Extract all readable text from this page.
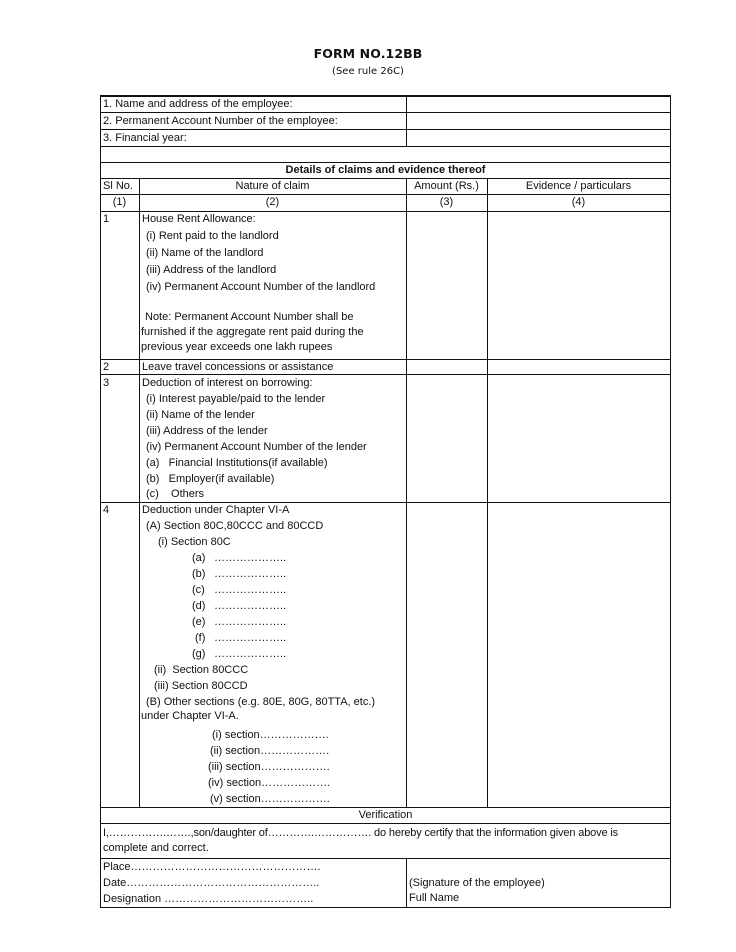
FORM NO.12BB
(See rule 26C)
1. Name and address of the employee:
2. Permanent Account Number of the employee:
3. Financial year:
Details of claims and evidence thereof
Sl No.	Nature of claim	Amount (Rs.)	Evidence / particulars
(1)	(2)	(3)	(4)
1	House Rent Allowance:
(i) Rent paid to the landlord
(ii) Name of the landlord
(iii) Address of the landlord
(iv) Permanent Account Number of the landlord
Note: Permanent Account Number shall be
furnished if the aggregate rent paid during the
previous year exceeds one lakh rupees
2	Leave travel concessions or assistance
3	Deduction of interest on borrowing:
(i) Interest payable/paid to the lender
(ii) Name of the lender
(iii) Address of the lender
(iv) Permanent Account Number of the lender
(a)   Financial Institutions(if available)
(b)   Employer(if available)
(c)    Others
4	Deduction under Chapter VI-A
(A) Section 80C,80CCC and 80CCD
(i) Section 80C
(a) ………………..
(b) ………………..
(c) ………………..
(d) ………………..
(e) ………………..
(f) ………………..
(g) ………………..
(ii)  Section 80CCC
(iii) Section 80CCD
(B) Other sections (e.g. 80E, 80G, 80TTA, etc.)
under Chapter VI-A.
(i) section……………….
(ii) section……………….
(iii) section……………….
(iv) section……………….
(v) section……………….
Verification
I,…………….…….,son/daughter of………….……………. do hereby certify that the information given above is
complete and correct.
Place…………………………………………….
Date……………………………………………..
Designation …………………………………..
(Signature of the employee)
Full Name
